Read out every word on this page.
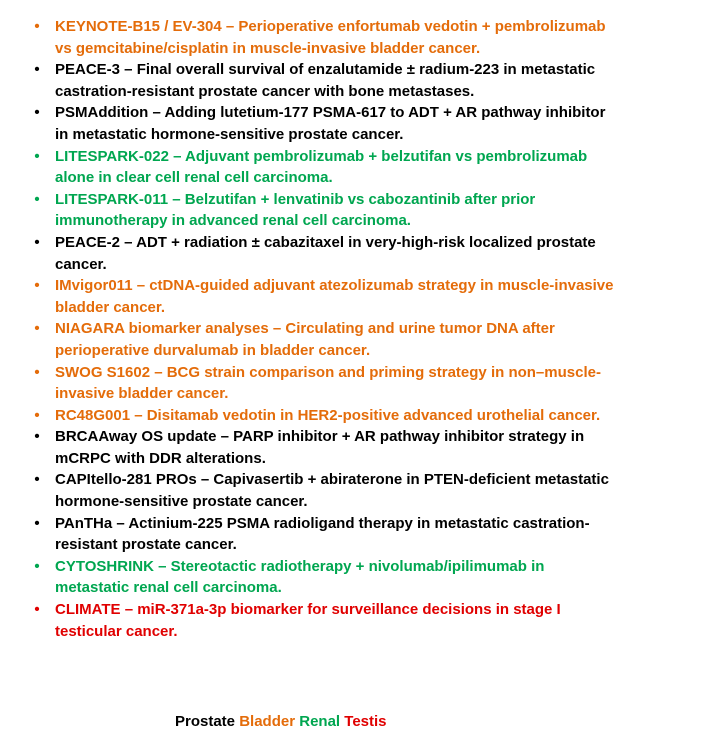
• KEYNOTE-B15 / EV-304 – Perioperative enfortumab vedotin + pembrolizumab vs gemcitabine/cisplatin in muscle-invasive bladder cancer.
• PEACE-3 – Final overall survival of enzalutamide ± radium-223 in metastatic castration-resistant prostate cancer with bone metastases.
• PSMAddition – Adding lutetium-177 PSMA-617 to ADT + AR pathway inhibitor in metastatic hormone-sensitive prostate cancer.
• LITESPARK-022 – Adjuvant pembrolizumab + belzutifan vs pembrolizumab alone in clear cell renal cell carcinoma.
• LITESPARK-011 – Belzutifan + lenvatinib vs cabozantinib after prior immunotherapy in advanced renal cell carcinoma.
• PEACE-2 – ADT + radiation ± cabazitaxel in very-high-risk localized prostate cancer.
• IMvigor011 – ctDNA-guided adjuvant atezolizumab strategy in muscle-invasive bladder cancer.
• NIAGARA biomarker analyses – Circulating and urine tumor DNA after perioperative durvalumab in bladder cancer.
• SWOG S1602 – BCG strain comparison and priming strategy in non–muscle-invasive bladder cancer.
• RC48G001 – Disitamab vedotin in HER2-positive advanced urothelial cancer.
• BRCAAway OS update – PARP inhibitor + AR pathway inhibitor strategy in mCRPC with DDR alterations.
• CAPItello-281 PROs – Capivasertib + abiraterone in PTEN-deficient metastatic hormone-sensitive prostate cancer.
• PAnTHa – Actinium-225 PSMA radioligand therapy in metastatic castration-resistant prostate cancer.
• CYTOSHRINK – Stereotactic radiotherapy + nivolumab/ipilimumab in metastatic renal cell carcinoma.
• CLIMATE – miR-371a-3p biomarker for surveillance decisions in stage I testicular cancer.
Prostate Bladder Renal Testis
